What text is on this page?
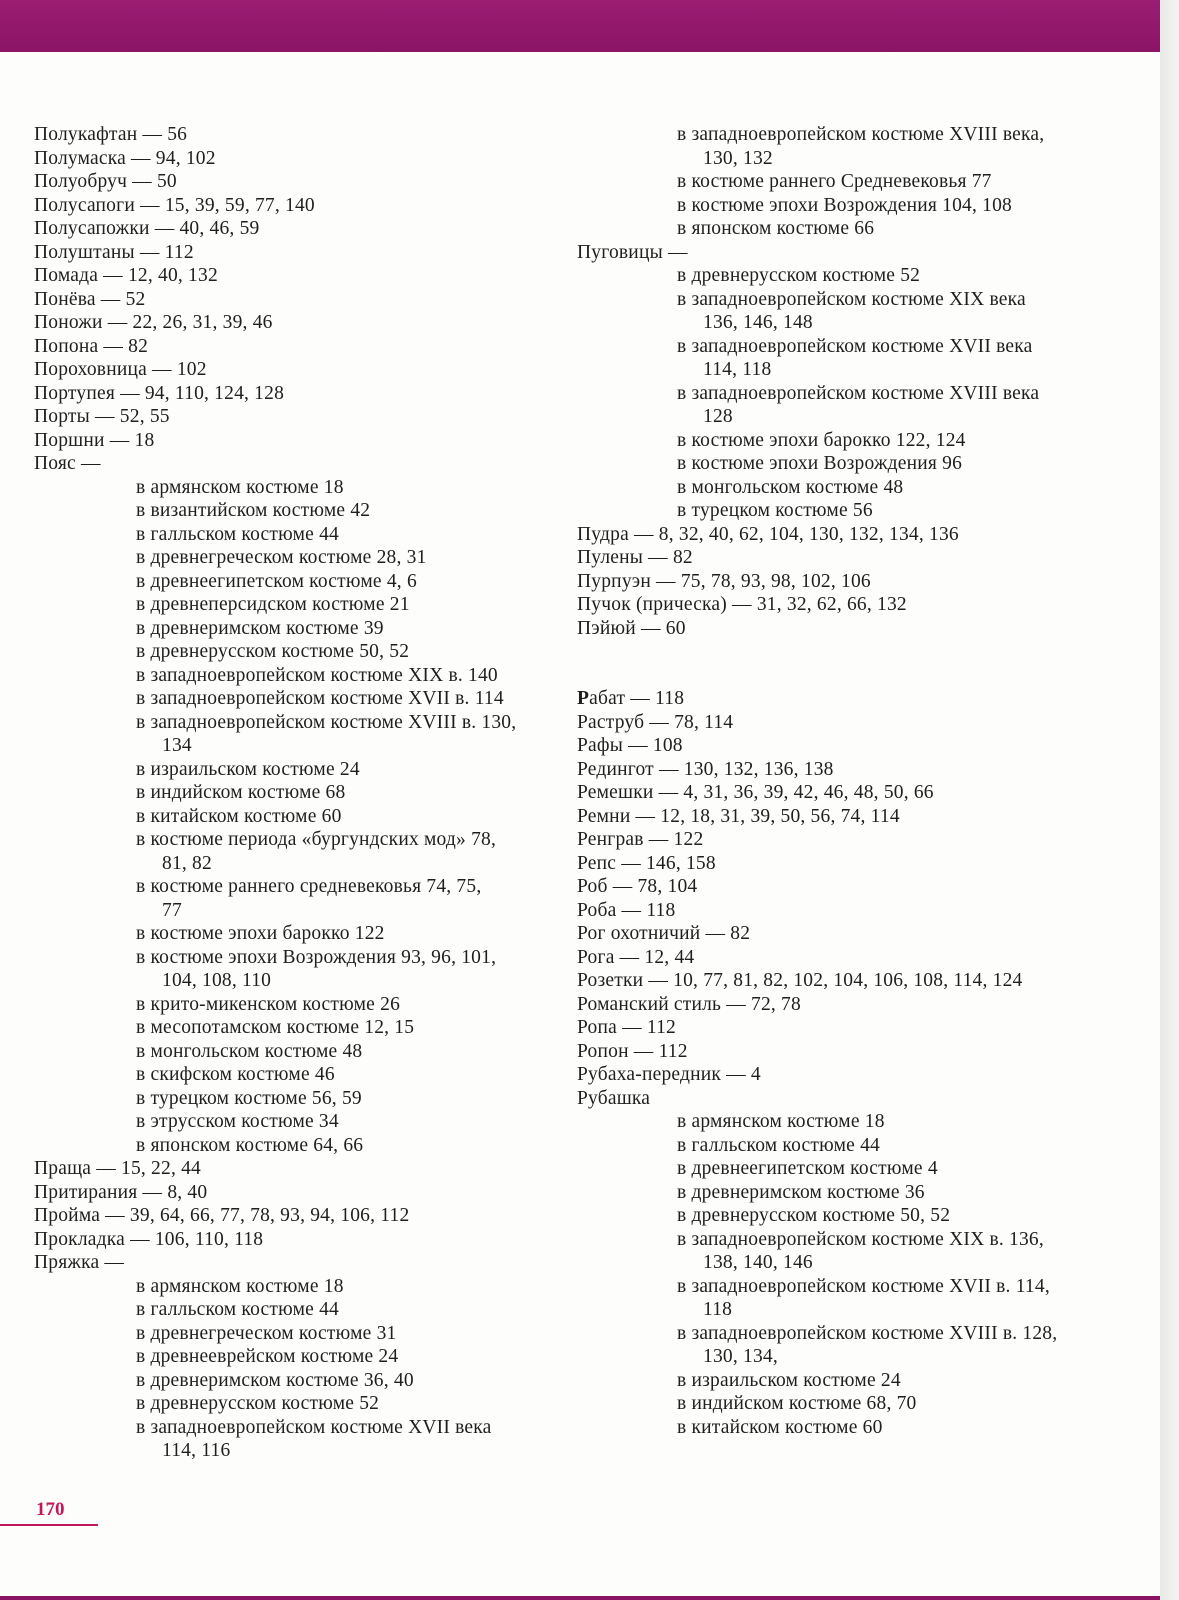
Полукафтан — 56
Полумаска — 94, 102
Полуобруч — 50
Полусапоги — 15, 39, 59, 77, 140
Полусапожки — 40, 46, 59
Полуштаны — 112
Помада — 12, 40, 132
Понёва — 52
Поножи — 22, 26, 31, 39, 46
Попона — 82
Пороховница — 102
Портупея — 94, 110, 124, 128
Порты — 52, 55
Поршни — 18
Пояс —
в армянском костюме 18
в византийском костюме 42
в галльском костюме 44
в древнегреческом костюме 28, 31
в древнеегипетском костюме 4, 6
в древнеперсидском костюме 21
в древнеримском костюме 39
в древнерусском костюме 50, 52
в западноевропейском костюме XIX в. 140
в западноевропейском костюме XVII в. 114
в западноевропейском костюме XVIII в. 130,
134
в израильском костюме 24
в индийском костюме 68
в китайском костюме 60
в костюме периода «бургундских мод» 78,
81, 82
в костюме раннего средневековья 74, 75,
77
в костюме эпохи барокко 122
в костюме эпохи Возрождения 93, 96, 101,
104, 108, 110
в крито-микенском костюме 26
в месопотамском костюме 12, 15
в монгольском костюме 48
в скифском костюме 46
в турецком костюме 56, 59
в этрусском костюме 34
в японском костюме 64, 66
Праща — 15, 22, 44
Притирания — 8, 40
Пройма — 39, 64, 66, 77, 78, 93, 94, 106, 112
Прокладка — 106, 110, 118
Пряжка —
в армянском костюме 18
в галльском костюме 44
в древнегреческом костюме 31
в древнееврейском костюме 24
в древнеримском костюме 36, 40
в древнерусском костюме 52
в западноевропейском костюме XVII века
114, 116
в западноевропейском костюме XVIII века,
130, 132
в костюме раннего Средневековья 77
в костюме эпохи Возрождения 104, 108
в японском костюме 66
Пуговицы —
в древнерусском костюме 52
в западноевропейском костюме XIX века
136, 146, 148
в западноевропейском костюме XVII века
114, 118
в западноевропейском костюме XVIII века
128
в костюме эпохи барокко 122, 124
в костюме эпохи Возрождения 96
в монгольском костюме 48
в турецком костюме 56
Пудра — 8, 32, 40, 62, 104, 130, 132, 134, 136
Пулены — 82
Пурпуэн — 75, 78, 93, 98, 102, 106
Пучок (прическа) — 31, 32, 62, 66, 132
Пэйюй — 60
Рабат — 118
Раструб — 78, 114
Рафы — 108
Редингот — 130, 132, 136, 138
Ремешки — 4, 31, 36, 39, 42, 46, 48, 50, 66
Ремни — 12, 18, 31, 39, 50, 56, 74, 114
Ренграв — 122
Репс — 146, 158
Роб — 78, 104
Роба — 118
Рог охотничий — 82
Рога — 12, 44
Розетки — 10, 77, 81, 82, 102, 104, 106, 108, 114, 124
Романский стиль — 72, 78
Ропа — 112
Ропон — 112
Рубаха-передник — 4
Рубашка
в армянском костюме 18
в галльском костюме 44
в древнеегипетском костюме 4
в древнеримском костюме 36
в древнерусском костюме 50, 52
в западноевропейском костюме XIX в. 136,
138, 140, 146
в западноевропейском костюме XVII в. 114,
118
в западноевропейском костюме XVIII в. 128,
130, 134,
в израильском костюме 24
в индийском костюме 68, 70
в китайском костюме 60
170
